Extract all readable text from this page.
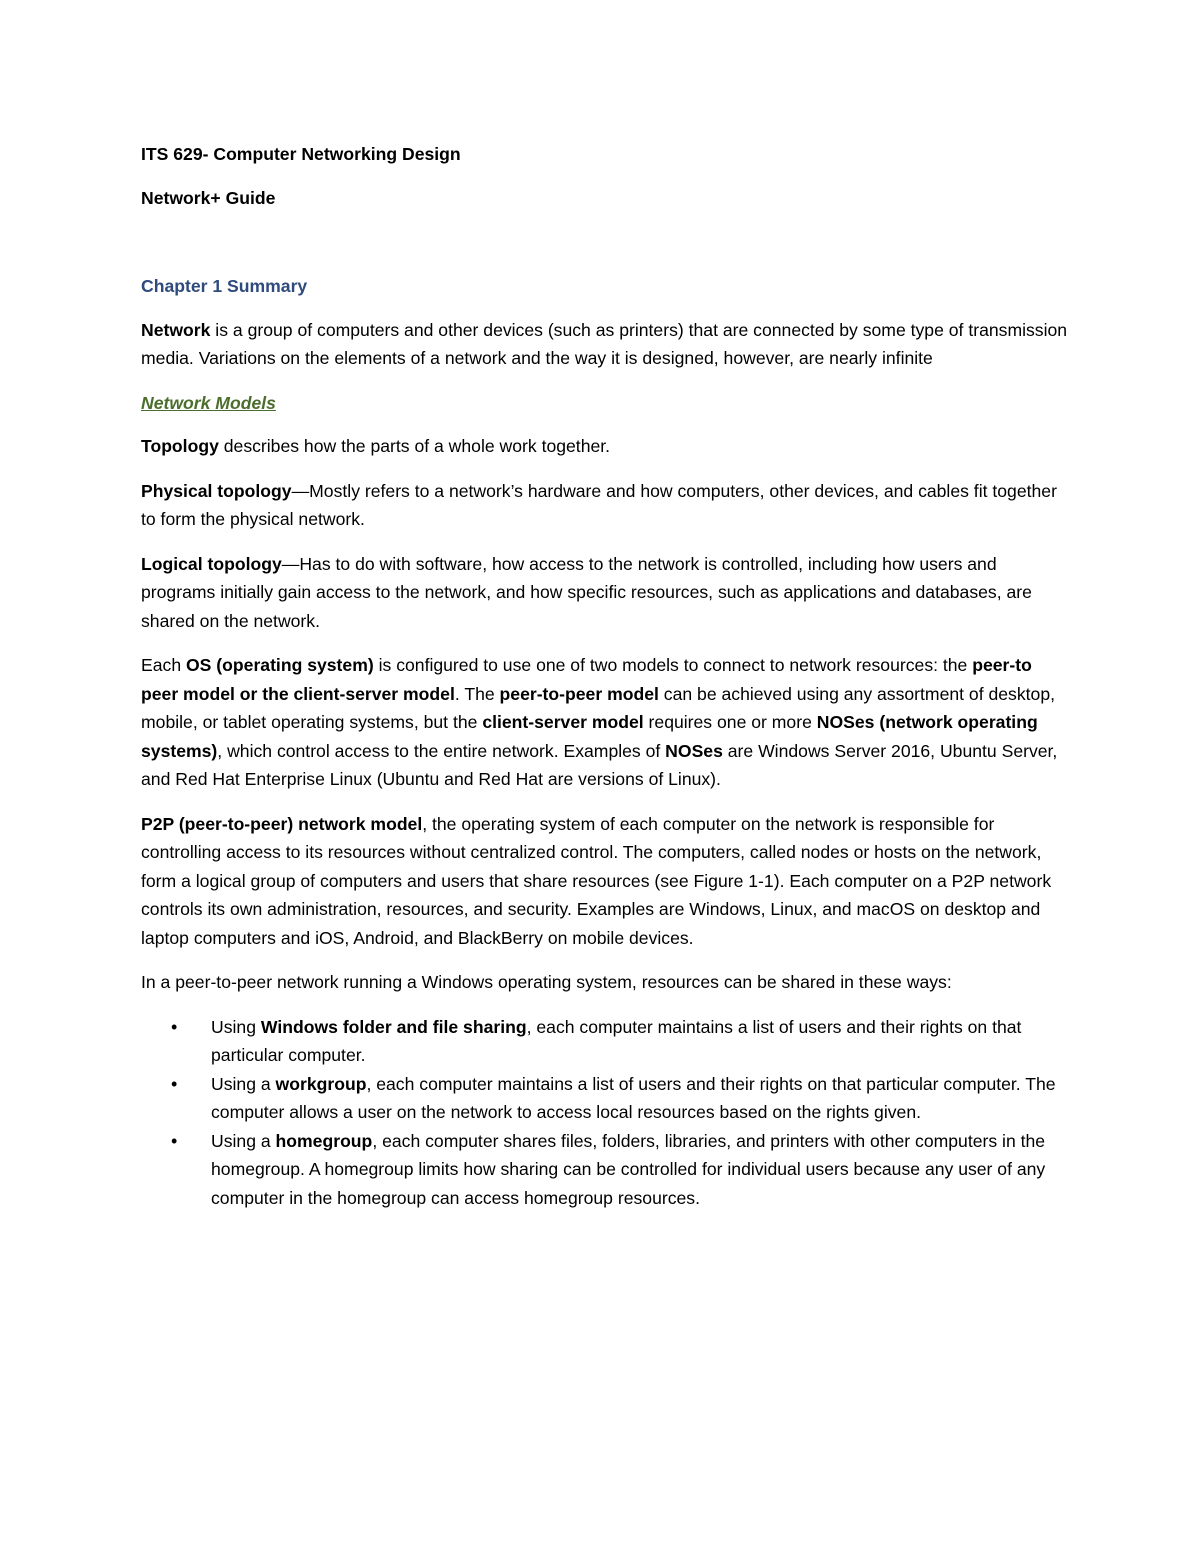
ITS 629- Computer Networking Design

Network+ Guide

Chapter 1 Summary

Network is a group of computers and other devices (such as printers) that are connected by some type of transmission media. Variations on the elements of a network and the way it is designed, however, are nearly infinite

Network Models

Topology describes how the parts of a whole work together.

Physical topology—Mostly refers to a network’s hardware and how computers, other devices, and cables fit together to form the physical network.

Logical topology—Has to do with software, how access to the network is controlled, including how users and programs initially gain access to the network, and how specific resources, such as applications and databases, are shared on the network.

Each OS (operating system) is configured to use one of two models to connect to network resources: the peer-to peer model or the client-server model. The peer-to-peer model can be achieved using any assortment of desktop, mobile, or tablet operating systems, but the client-server model requires one or more NOSes (network operating systems), which control access to the entire network. Examples of NOSes are Windows Server 2016, Ubuntu Server, and Red Hat Enterprise Linux (Ubuntu and Red Hat are versions of Linux).

P2P (peer-to-peer) network model, the operating system of each computer on the network is responsible for controlling access to its resources without centralized control. The computers, called nodes or hosts on the network, form a logical group of computers and users that share resources (see Figure 1-1). Each computer on a P2P network controls its own administration, resources, and security. Examples are Windows, Linux, and macOS on desktop and laptop computers and iOS, Android, and BlackBerry on mobile devices.

In a peer-to-peer network running a Windows operating system, resources can be shared in these ways:

• Using Windows folder and file sharing, each computer maintains a list of users and their rights on that particular computer.
• Using a workgroup, each computer maintains a list of users and their rights on that particular computer. The computer allows a user on the network to access local resources based on the rights given.
• Using a homegroup, each computer shares files, folders, libraries, and printers with other computers in the homegroup. A homegroup limits how sharing can be controlled for individual users because any user of any computer in the homegroup can access homegroup resources.
